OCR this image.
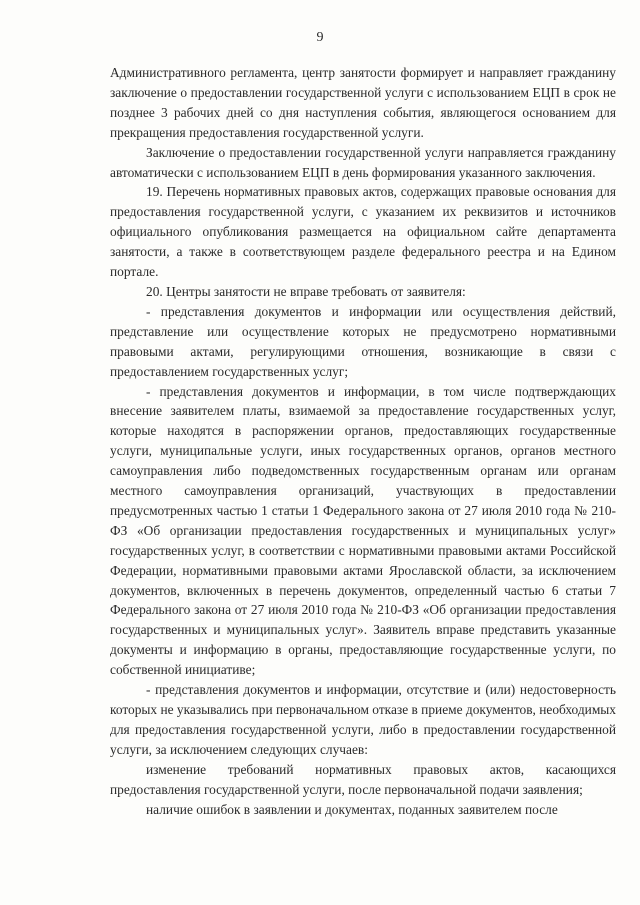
9

Административного регламента, центр занятости формирует и направляет гражданину заключение о предоставлении государственной услуги с использованием ЕЦП в срок не позднее 3 рабочих дней со дня наступления события, являющегося основанием для прекращения предоставления государственной услуги.

Заключение о предоставлении государственной услуги направляется гражданину автоматически с использованием ЕЦП в день формирования указанного заключения.

19. Перечень нормативных правовых актов, содержащих правовые основания для предоставления государственной услуги, с указанием их реквизитов и источников официального опубликования размещается на официальном сайте департамента занятости, а также в соответствующем разделе федерального реестра и на Едином портале.

20. Центры занятости не вправе требовать от заявителя:

- представления документов и информации или осуществления действий, представление или осуществление которых не предусмотрено нормативными правовыми актами, регулирующими отношения, возникающие в связи с предоставлением государственных услуг;

- представления документов и информации, в том числе подтверждающих внесение заявителем платы, взимаемой за предоставление государственных услуг, которые находятся в распоряжении органов, предоставляющих государственные услуги, муниципальные услуги, иных государственных органов, органов местного самоуправления либо подведомственных государственным органам или органам местного самоуправления организаций, участвующих в предоставлении предусмотренных частью 1 статьи 1 Федерального закона от 27 июля 2010 года № 210-ФЗ «Об организации предоставления государственных и муниципальных услуг» государственных услуг, в соответствии с нормативными правовыми актами Российской Федерации, нормативными правовыми актами Ярославской области, за исключением документов, включенных в перечень документов, определенный частью 6 статьи 7 Федерального закона от 27 июля 2010 года № 210-ФЗ «Об организации предоставления государственных и муниципальных услуг». Заявитель вправе представить указанные документы и информацию в органы, предоставляющие государственные услуги, по собственной инициативе;

- представления документов и информации, отсутствие и (или) недостоверность которых не указывались при первоначальном отказе в приеме документов, необходимых для предоставления государственной услуги, либо в предоставлении государственной услуги, за исключением следующих случаев:

изменение требований нормативных правовых актов, касающихся предоставления государственной услуги, после первоначальной подачи заявления;

наличие ошибок в заявлении и документах, поданных заявителем после
